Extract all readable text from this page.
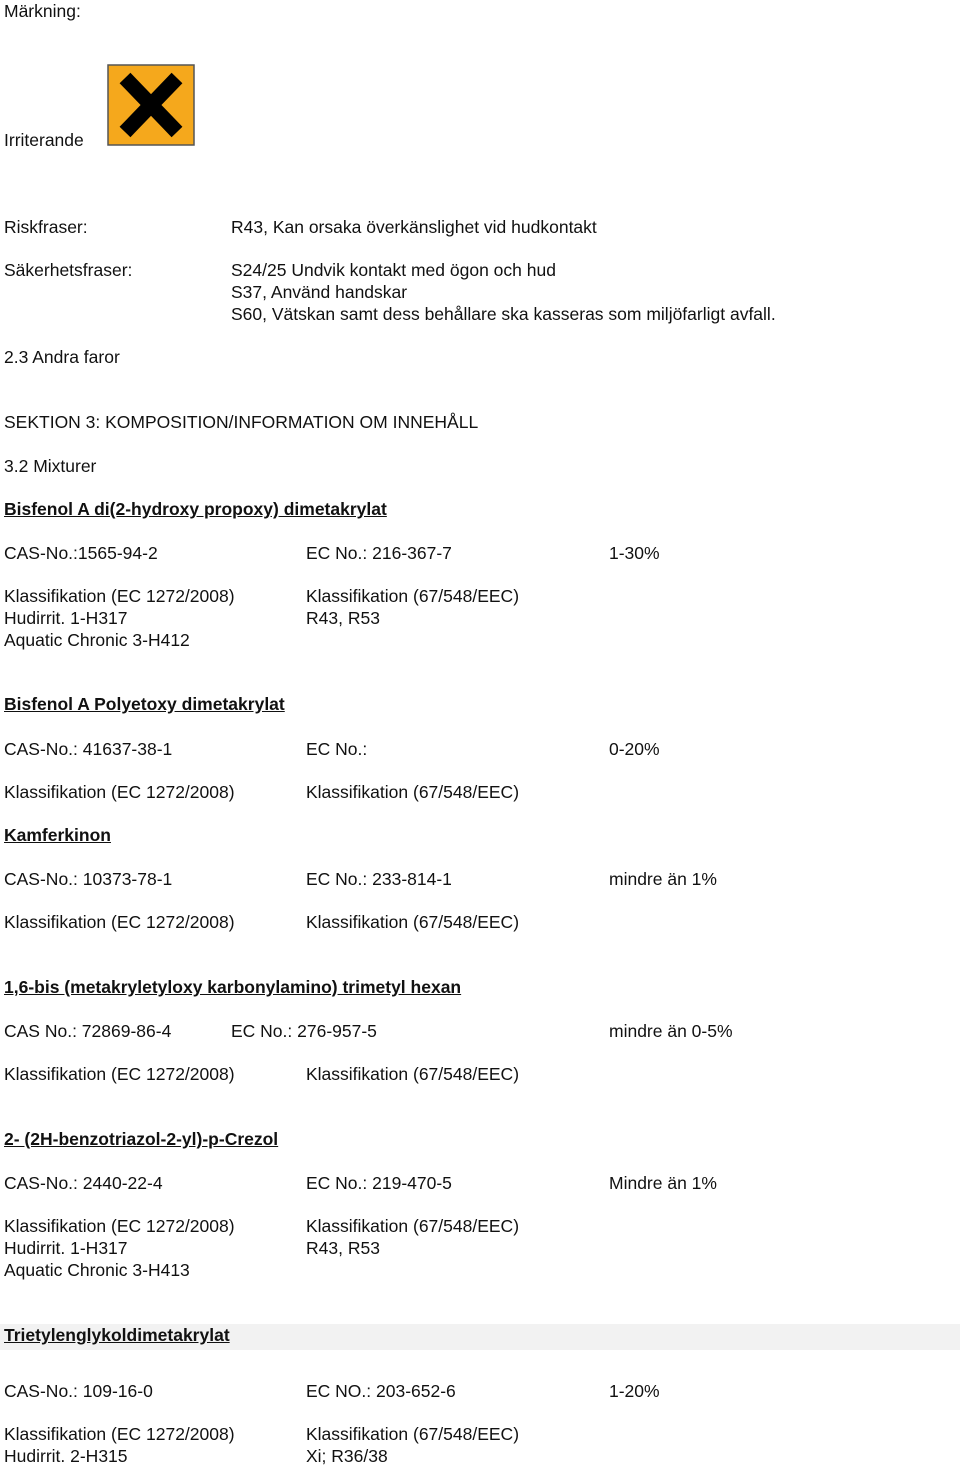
Märkning:
Irriterande
Riskfraser:	R43, Kan orsaka överkänslighet vid hudkontakt
Säkerhetsfraser:	S24/25 Undvik kontakt med ögon och hud
S37, Använd handskar
S60, Vätskan samt dess behållare ska kasseras som miljöfarligt avfall.
2.3 Andra faror
SEKTION 3: KOMPOSITION/INFORMATION OM INNEHÅLL
3.2 Mixturer
Bisfenol A di(2-hydroxy propoxy) dimetakrylat
CAS-No.:1565-94-2	EC No.: 216-367-7	1-30%
Klassifikation (EC 1272/2008)	Klassifikation (67/548/EEC)
Hudirrit. 1-H317	R43, R53
Aquatic Chronic 3-H412
Bisfenol A Polyetoxy dimetakrylat
CAS-No.: 41637-38-1	EC No.:	0-20%
Klassifikation (EC 1272/2008)	Klassifikation (67/548/EEC)
Kamferkinon
CAS-No.: 10373-78-1	EC No.: 233-814-1	mindre än 1%
Klassifikation (EC 1272/2008)	Klassifikation (67/548/EEC)
1,6-bis (metakryletyloxy karbonylamino) trimetyl hexan
CAS No.: 72869-86-4	EC No.: 276-957-5	mindre än 0-5%
Klassifikation (EC 1272/2008)	Klassifikation (67/548/EEC)
2- (2H-benzotriazol-2-yl)-p-Crezol
CAS-No.: 2440-22-4	EC No.: 219-470-5	Mindre än 1%
Klassifikation (EC 1272/2008)	Klassifikation (67/548/EEC)
Hudirrit. 1-H317	R43, R53
Aquatic Chronic 3-H413
Trietylenglykoldimetakrylat
CAS-No.: 109-16-0	EC NO.: 203-652-6	1-20%
Klassifikation (EC 1272/2008)	Klassifikation (67/548/EEC)
Hudirrit. 2-H315	Xi; R36/38
